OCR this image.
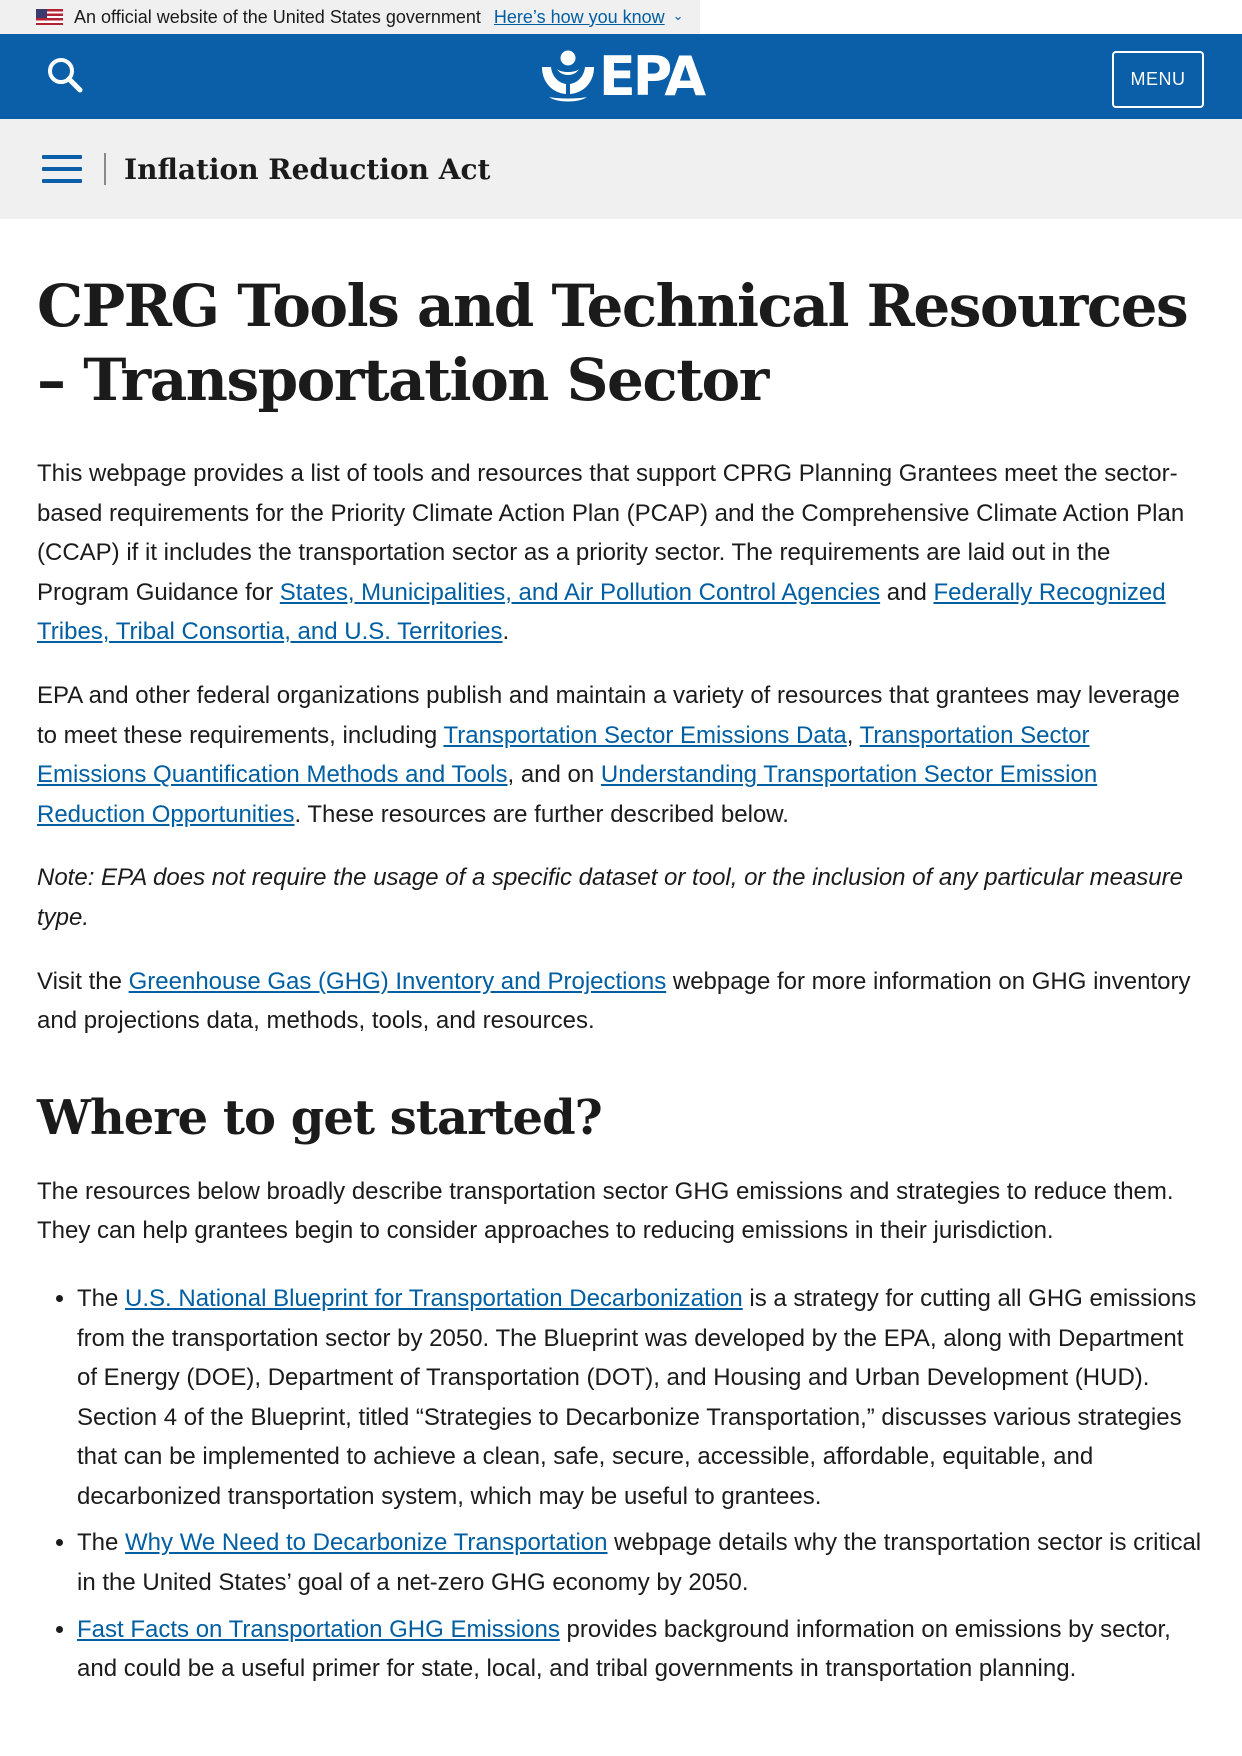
An official website of the United States government Here’s how you know ⌄
EPA	MENU
Inflation Reduction Act
CPRG Tools and Technical Resources – Transportation Sector

This webpage provides a list of tools and resources that support CPRG Planning Grantees meet the sector-based requirements for the Priority Climate Action Plan (PCAP) and the Comprehensive Climate Action Plan (CCAP) if it includes the transportation sector as a priority sector. The requirements are laid out in the Program Guidance for States, Municipalities, and Air Pollution Control Agencies and Federally Recognized Tribes, Tribal Consortia, and U.S. Territories.

EPA and other federal organizations publish and maintain a variety of resources that grantees may leverage to meet these requirements, including Transportation Sector Emissions Data, Transportation Sector Emissions Quantification Methods and Tools, and on Understanding Transportation Sector Emission Reduction Opportunities. These resources are further described below.

Note: EPA does not require the usage of a specific dataset or tool, or the inclusion of any particular measure type.

Visit the Greenhouse Gas (GHG) Inventory and Projections webpage for more information on GHG inventory and projections data, methods, tools, and resources.

Where to get started?

The resources below broadly describe transportation sector GHG emissions and strategies to reduce them. They can help grantees begin to consider approaches to reducing emissions in their jurisdiction.

• The U.S. National Blueprint for Transportation Decarbonization is a strategy for cutting all GHG emissions from the transportation sector by 2050. The Blueprint was developed by the EPA, along with Department of Energy (DOE), Department of Transportation (DOT), and Housing and Urban Development (HUD). Section 4 of the Blueprint, titled “Strategies to Decarbonize Transportation,” discusses various strategies that can be implemented to achieve a clean, safe, secure, accessible, affordable, equitable, and decarbonized transportation system, which may be useful to grantees.
• The Why We Need to Decarbonize Transportation webpage details why the transportation sector is critical in the United States’ goal of a net-zero GHG economy by 2050.
• Fast Facts on Transportation GHG Emissions provides background information on emissions by sector, and could be a useful primer for state, local, and tribal governments in transportation planning.
